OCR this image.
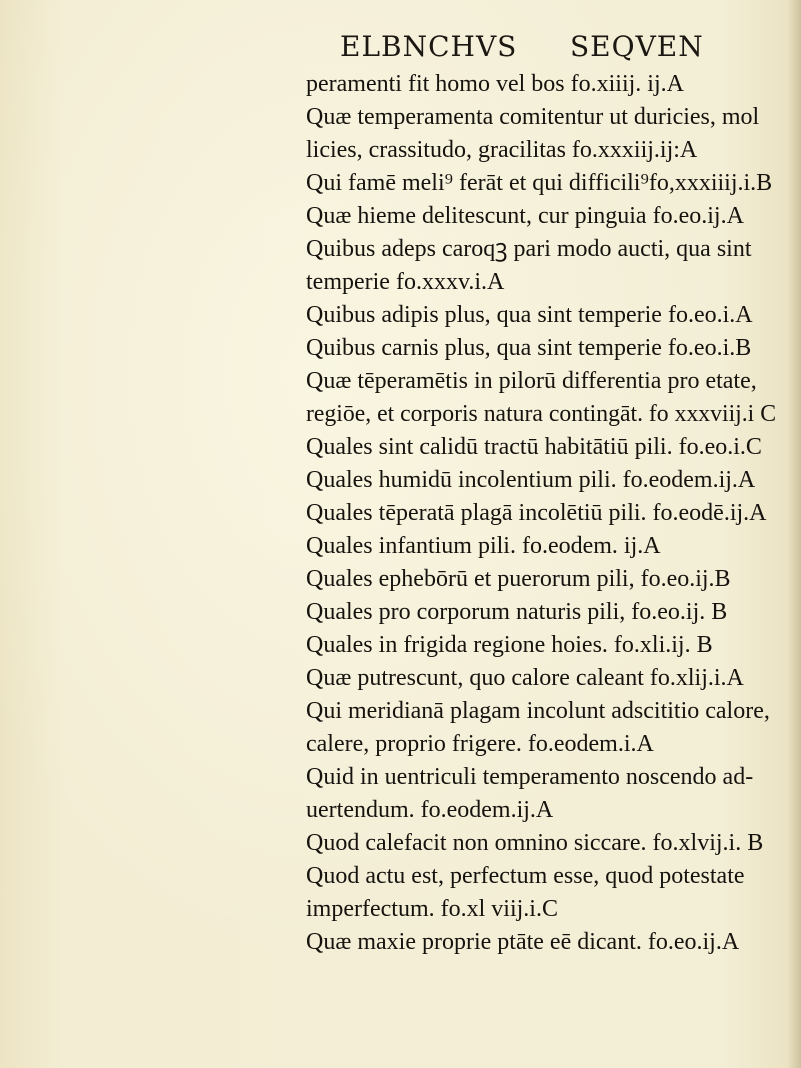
ELBNCHVS SEQVEN
peramenti fit homo vel bos fo.xiiij. ij.A
Quæ temperamenta comitentur ut duricies, mol
licies, crassitudo, gracilitas fo.xxxiij.ij:A
Qui famē meli⁹ ferāt et qui difficili⁹fo,xxxiiij.i.B
Quæ hieme delitescunt, cur pinguia fo.eo.ij.A
Quibus adeps caroqꝫ pari modo aucti, qua sint
temperie fo.xxxv.i.A
Quibus adipis plus, qua sint temperie fo.eo.i.A
Quibus carnis plus, qua sint temperie fo.eo.i.B
Quæ tēperamētis in pilorū differentia pro etate,
regiōe, et corporis natura contingāt. fo xxxviij.i C
Quales sint calidū tractū habitātiū pili. fo.eo.i.C
Quales humidū incolentium pili. fo.eodem.ij.A
Quales tēperatā plagā incolētiū pili. fo.eodē.ij.A
Quales infantium pili. fo.eodem. ij.A
Quales ephebōrū et puerorum pili, fo.eo.ij.B
Quales pro corporum naturis pili, fo.eo.ij. B
Quales in frigida regione hoies. fo.xli.ij. B
Quæ putrescunt, quo calore caleant fo.xlij.i.A
Qui meridianā plagam incolunt adscititio calore,
calere, proprio frigere. fo.eodem.i.A
Quid in uentriculi temperamento noscendo ad-
uertendum. fo.eodem.ij.A
Quod calefacit non omnino siccare. fo.xlvij.i. B
Quod actu est, perfectum esse, quod potestate
imperfectum. fo.xl viij.i.C
Quæ maxie proprie ptāte eē dicant. fo.eo.ij.A
